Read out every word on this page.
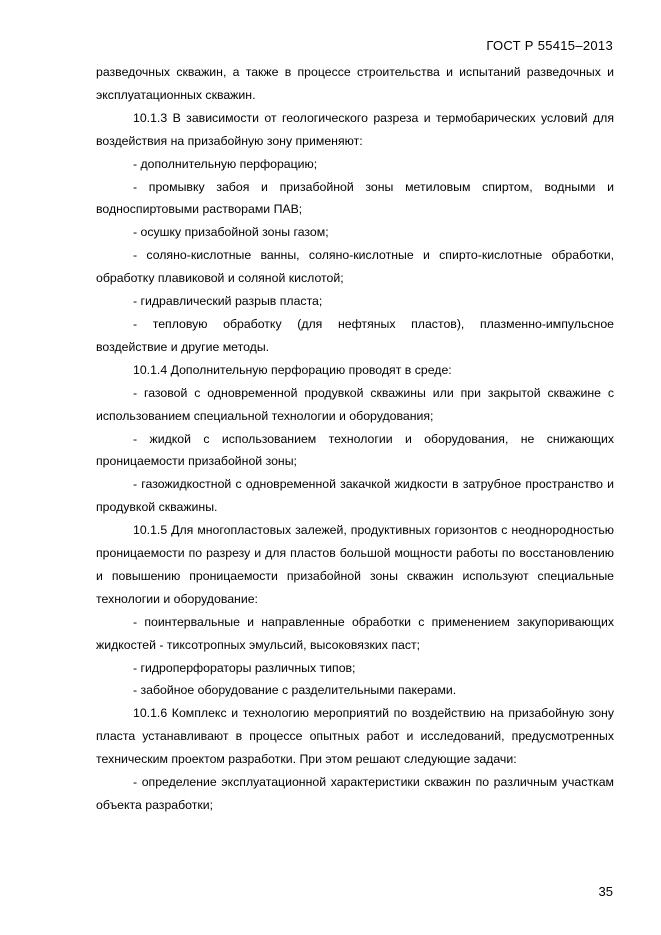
ГОСТ Р 55415–2013

разведочных скважин, а также в процессе строительства и испытаний разведочных и эксплуатационных скважин.

10.1.3 В зависимости от геологического разреза и термобарических условий для воздействия на призабойную зону применяют:

- дополнительную перфорацию;

- промывку забоя и призабойной зоны метиловым спиртом, водными и водноспиртовыми растворами ПАВ;

- осушку призабойной зоны газом;

- соляно-кислотные ванны, соляно-кислотные и спирто-кислотные обработки, обработку плавиковой и соляной кислотой;

- гидравлический разрыв пласта;

- тепловую обработку (для нефтяных пластов), плазменно-импульсное воздействие и другие методы.

10.1.4 Дополнительную перфорацию проводят в среде:

- газовой с одновременной продувкой скважины или при закрытой скважине с использованием специальной технологии и оборудования;

- жидкой с использованием технологии и оборудования, не снижающих проницаемости призабойной зоны;

- газожидкостной с одновременной закачкой жидкости в затрубное пространство и продувкой скважины.

10.1.5 Для многопластовых залежей, продуктивных горизонтов с неоднородностью проницаемости по разрезу и для пластов большой мощности работы по восстановлению и повышению проницаемости призабойной зоны скважин используют специальные технологии и оборудование:

- поинтервальные и направленные обработки с применением закупоривающих жидкостей - тиксотропных эмульсий, высоковязких паст;

- гидроперфораторы различных типов;

- забойное оборудование с разделительными пакерами.

10.1.6 Комплекс и технологию мероприятий по воздействию на призабойную зону пласта устанавливают в процессе опытных работ и исследований, предусмотренных техническим проектом разработки. При этом решают следующие задачи:

- определение эксплуатационной характеристики скважин по различным участкам объекта разработки;

35
